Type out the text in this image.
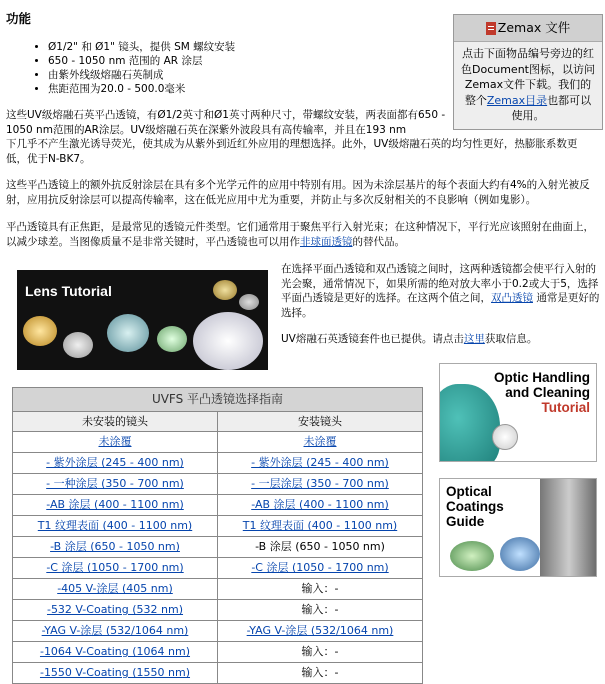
功能
• Ø1/2" 和 Ø1" 镜头，提供 SM 螺纹安装
• 650 - 1050 nm 范围的 AR 涂层
• 由紫外线级熔融石英制成
• 焦距范围为20.0 - 500.0毫米
Zemax 文件
点击下面物品编号旁边的红色Document图标，以访问Zemax文件下载。我们的整个Zemax目录也都可以使用。

这些UV级熔融石英平凸透镜，有Ø1/2英寸和Ø1英寸两种尺寸，带螺纹安装，两表面都有650 - 1050 nm范围的AR涂层。UV级熔融石英在深紫外波段具有高传输率，并且在193 nm

下几乎不产生激光诱导荧光，使其成为从紫外到近红外应用的理想选择。此外，UV级熔融石英的均匀性更好，热膨胀系数更低，优于N-BK7。

这些平凸透镜上的额外抗反射涂层在具有多个光学元件的应用中特别有用。因为未涂层基片的每个表面大约有4%的入射光被反射，应用抗反射涂层可以提高传输率，这在低光应用中尤为重要，并防止与多次反射相关的不良影响（例如鬼影）。

平凸透镜具有正焦距，是最常见的透镜元件类型。它们通常用于聚焦平行入射光束；在这种情况下，平行光应该照射在曲面上，以减少球差。当图像质量不是非常关键时，平凸透镜也可以用作非球面透镜的替代品。

Lens Tutorial

在选择平面凸透镜和双凸透镜之间时，这两种透镜都会使平行入射的光会聚，通常情况下，如果所需的绝对放大率小于0.2或大于5，选择平面凸透镜是更好的选择。在这两个值之间，双凸透镜 通常是更好的选择。

UV熔融石英透镜套件也已提供。请点击这里获取信息。

UVFS 平凸透镜选择指南	
未安装的镜头	安装镜头
未涂覆	未涂覆
- 紫外涂层 (245 - 400 nm)	- 紫外涂层 (245 - 400 nm)
- 一种涂层 (350 - 700 nm)	- 一层涂层 (350 - 700 nm)
-AB 涂层 (400 - 1100 nm)	-AB 涂层 (400 - 1100 nm)
T1 纹理表面 (400 - 1100 nm)	T1 纹理表面 (400 - 1100 nm)
-B 涂层 (650 - 1050 nm)	-B 涂层 (650 - 1050 nm)
-C 涂层 (1050 - 1700 nm)	-C 涂层 (1050 - 1700 nm)
-405 V-涂层 (405 nm)	输入：-
-532 V-Coating (532 nm)	输入：-
-YAG V-涂层 (532/1064 nm)	-YAG V-涂层 (532/1064 nm)
-1064 V-Coating (1064 nm)	输入：-
-1550 V-Coating (1550 nm)	输入：-
Optic Handling
and Cleaning
Tutorial
Optical
Coatings
Guide
